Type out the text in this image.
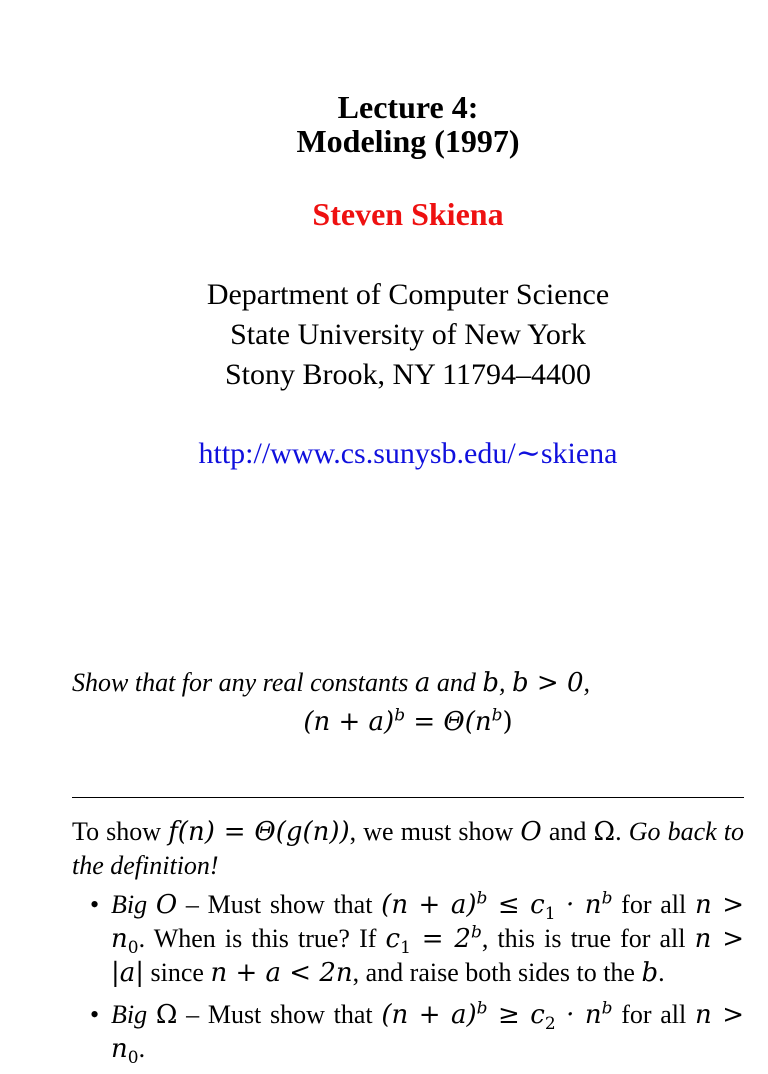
Lecture 4:
Modeling (1997)
Steven Skiena
Department of Computer Science
State University of New York
Stony Brook, NY 11794–4400
http://www.cs.sunysb.edu/∼skiena
Show that for any real constants a and b, b > 0,
$(n + a)^b = \Theta(n^b)$
To show f(n) = Θ(g(n)), we must show O and Ω. Go back to the definition!
• Big O – Must show that $(n + a)^b \le c_1 \cdot n^b$ for all $n > n_0$. When is this true? If $c_1 = 2^b$, this is true for all n > |a| since n + a < 2n, and raise both sides to the b.
• Big Ω – Must show that $(n + a)^b \ge c_2 \cdot n^b$ for all $n > n_0$.
